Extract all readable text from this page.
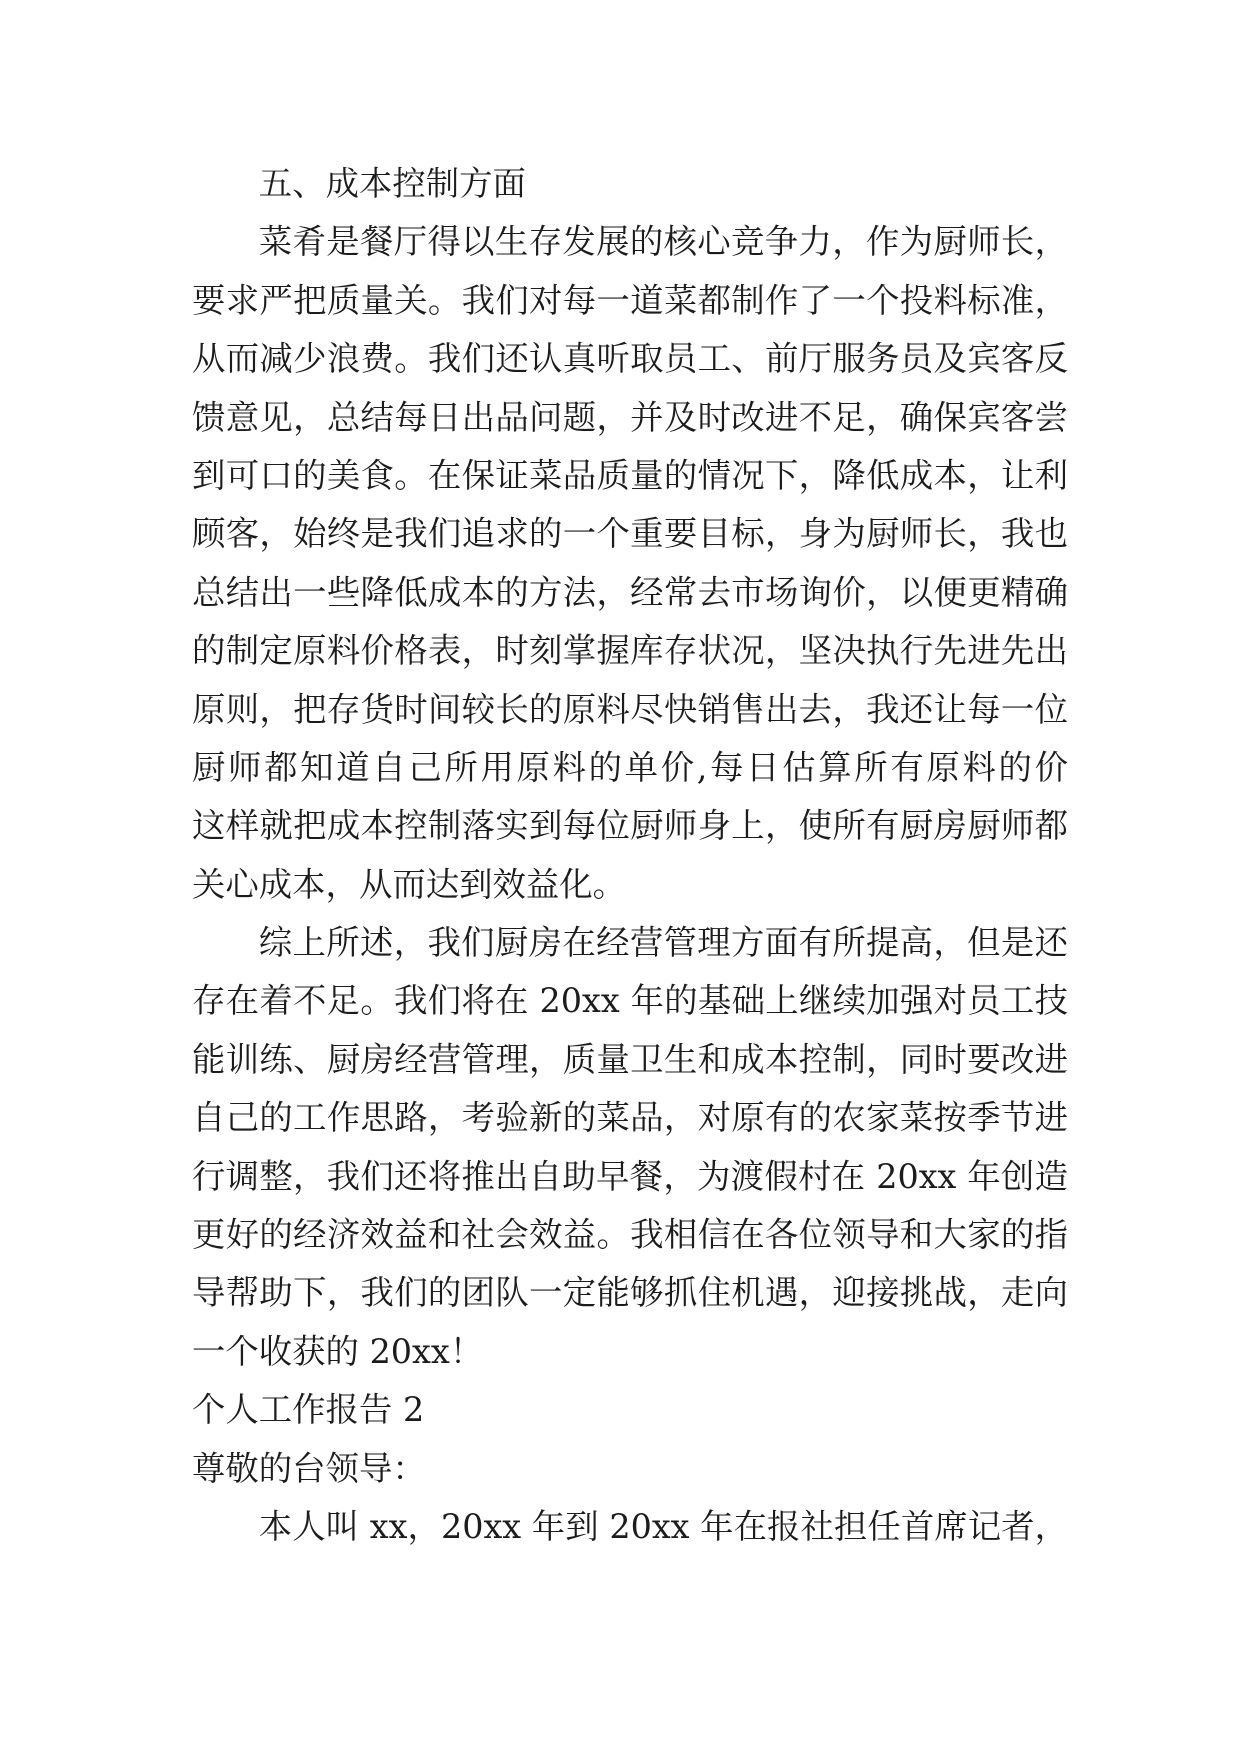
五、成本控制方面
菜肴是餐厅得以生存发展的核心竞争力，作为厨师长，
要求严把质量关。我们对每一道菜都制作了一个投料标准，
从而减少浪费。我们还认真听取员工、前厅服务员及宾客反
馈意见，总结每日出品问题，并及时改进不足，确保宾客尝
到可口的美食。在保证菜品质量的情况下，降低成本，让利
顾客，始终是我们追求的一个重要目标，身为厨师长，我也
总结出一些降低成本的方法，经常去市场询价，以便更精确
的制定原料价格表，时刻掌握库存状况，坚决执行先进先出
原则，把存货时间较长的原料尽快销售出去，我还让每一位
厨师都知道自己所用原料的单价,每日估算所有原料的价
这样就把成本控制落实到每位厨师身上，使所有厨房厨师都
关心成本，从而达到效益化。
综上所述，我们厨房在经营管理方面有所提高，但是还
存在着不足。我们将在 20xx 年的基础上继续加强对员工技
能训练、厨房经营管理，质量卫生和成本控制，同时要改进
自己的工作思路，考验新的菜品，对原有的农家菜按季节进
行调整，我们还将推出自助早餐，为渡假村在 20xx 年创造
更好的经济效益和社会效益。我相信在各位领导和大家的指
导帮助下，我们的团队一定能够抓住机遇，迎接挑战，走向
一个收获的 20xx！
个人工作报告 2
尊敬的台领导：
本人叫 xx，20xx 年到 20xx 年在报社担任首席记者，
